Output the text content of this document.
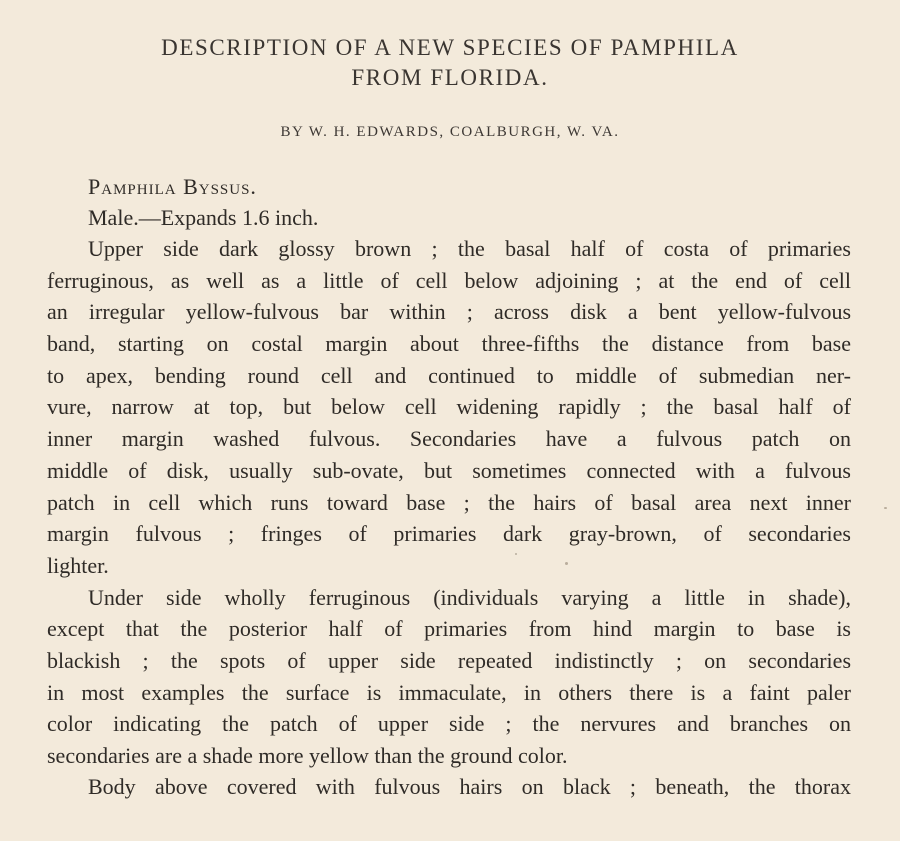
DESCRIPTION OF A NEW SPECIES OF PAMPHILA
FROM FLORIDA.
BY W. H. EDWARDS, COALBURGH, W. VA.
Pamphila Byssus.
Male.—Expands 1.6 inch.
Upper side dark glossy brown ; the basal half of costa of primaries
ferruginous, as well as a little of cell below adjoining ; at the end of cell
an irregular yellow-fulvous bar within ; across disk a bent yellow-fulvous
band, starting on costal margin about three-fifths the distance from base
to apex, bending round cell and continued to middle of submedian ner-
vure, narrow at top, but below cell widening rapidly ; the basal half of
inner margin washed fulvous. Secondaries have a fulvous patch on
middle of disk, usually sub-ovate, but sometimes connected with a fulvous
patch in cell which runs toward base ; the hairs of basal area next inner
margin fulvous ; fringes of primaries dark gray-brown, of secondaries
lighter.
Under side wholly ferruginous (individuals varying a little in shade),
except that the posterior half of primaries from hind margin to base is
blackish ; the spots of upper side repeated indistinctly ; on secondaries
in most examples the surface is immaculate, in others there is a faint paler
color indicating the patch of upper side ; the nervures and branches on
secondaries are a shade more yellow than the ground color.
Body above covered with fulvous hairs on black ; beneath, the thorax
